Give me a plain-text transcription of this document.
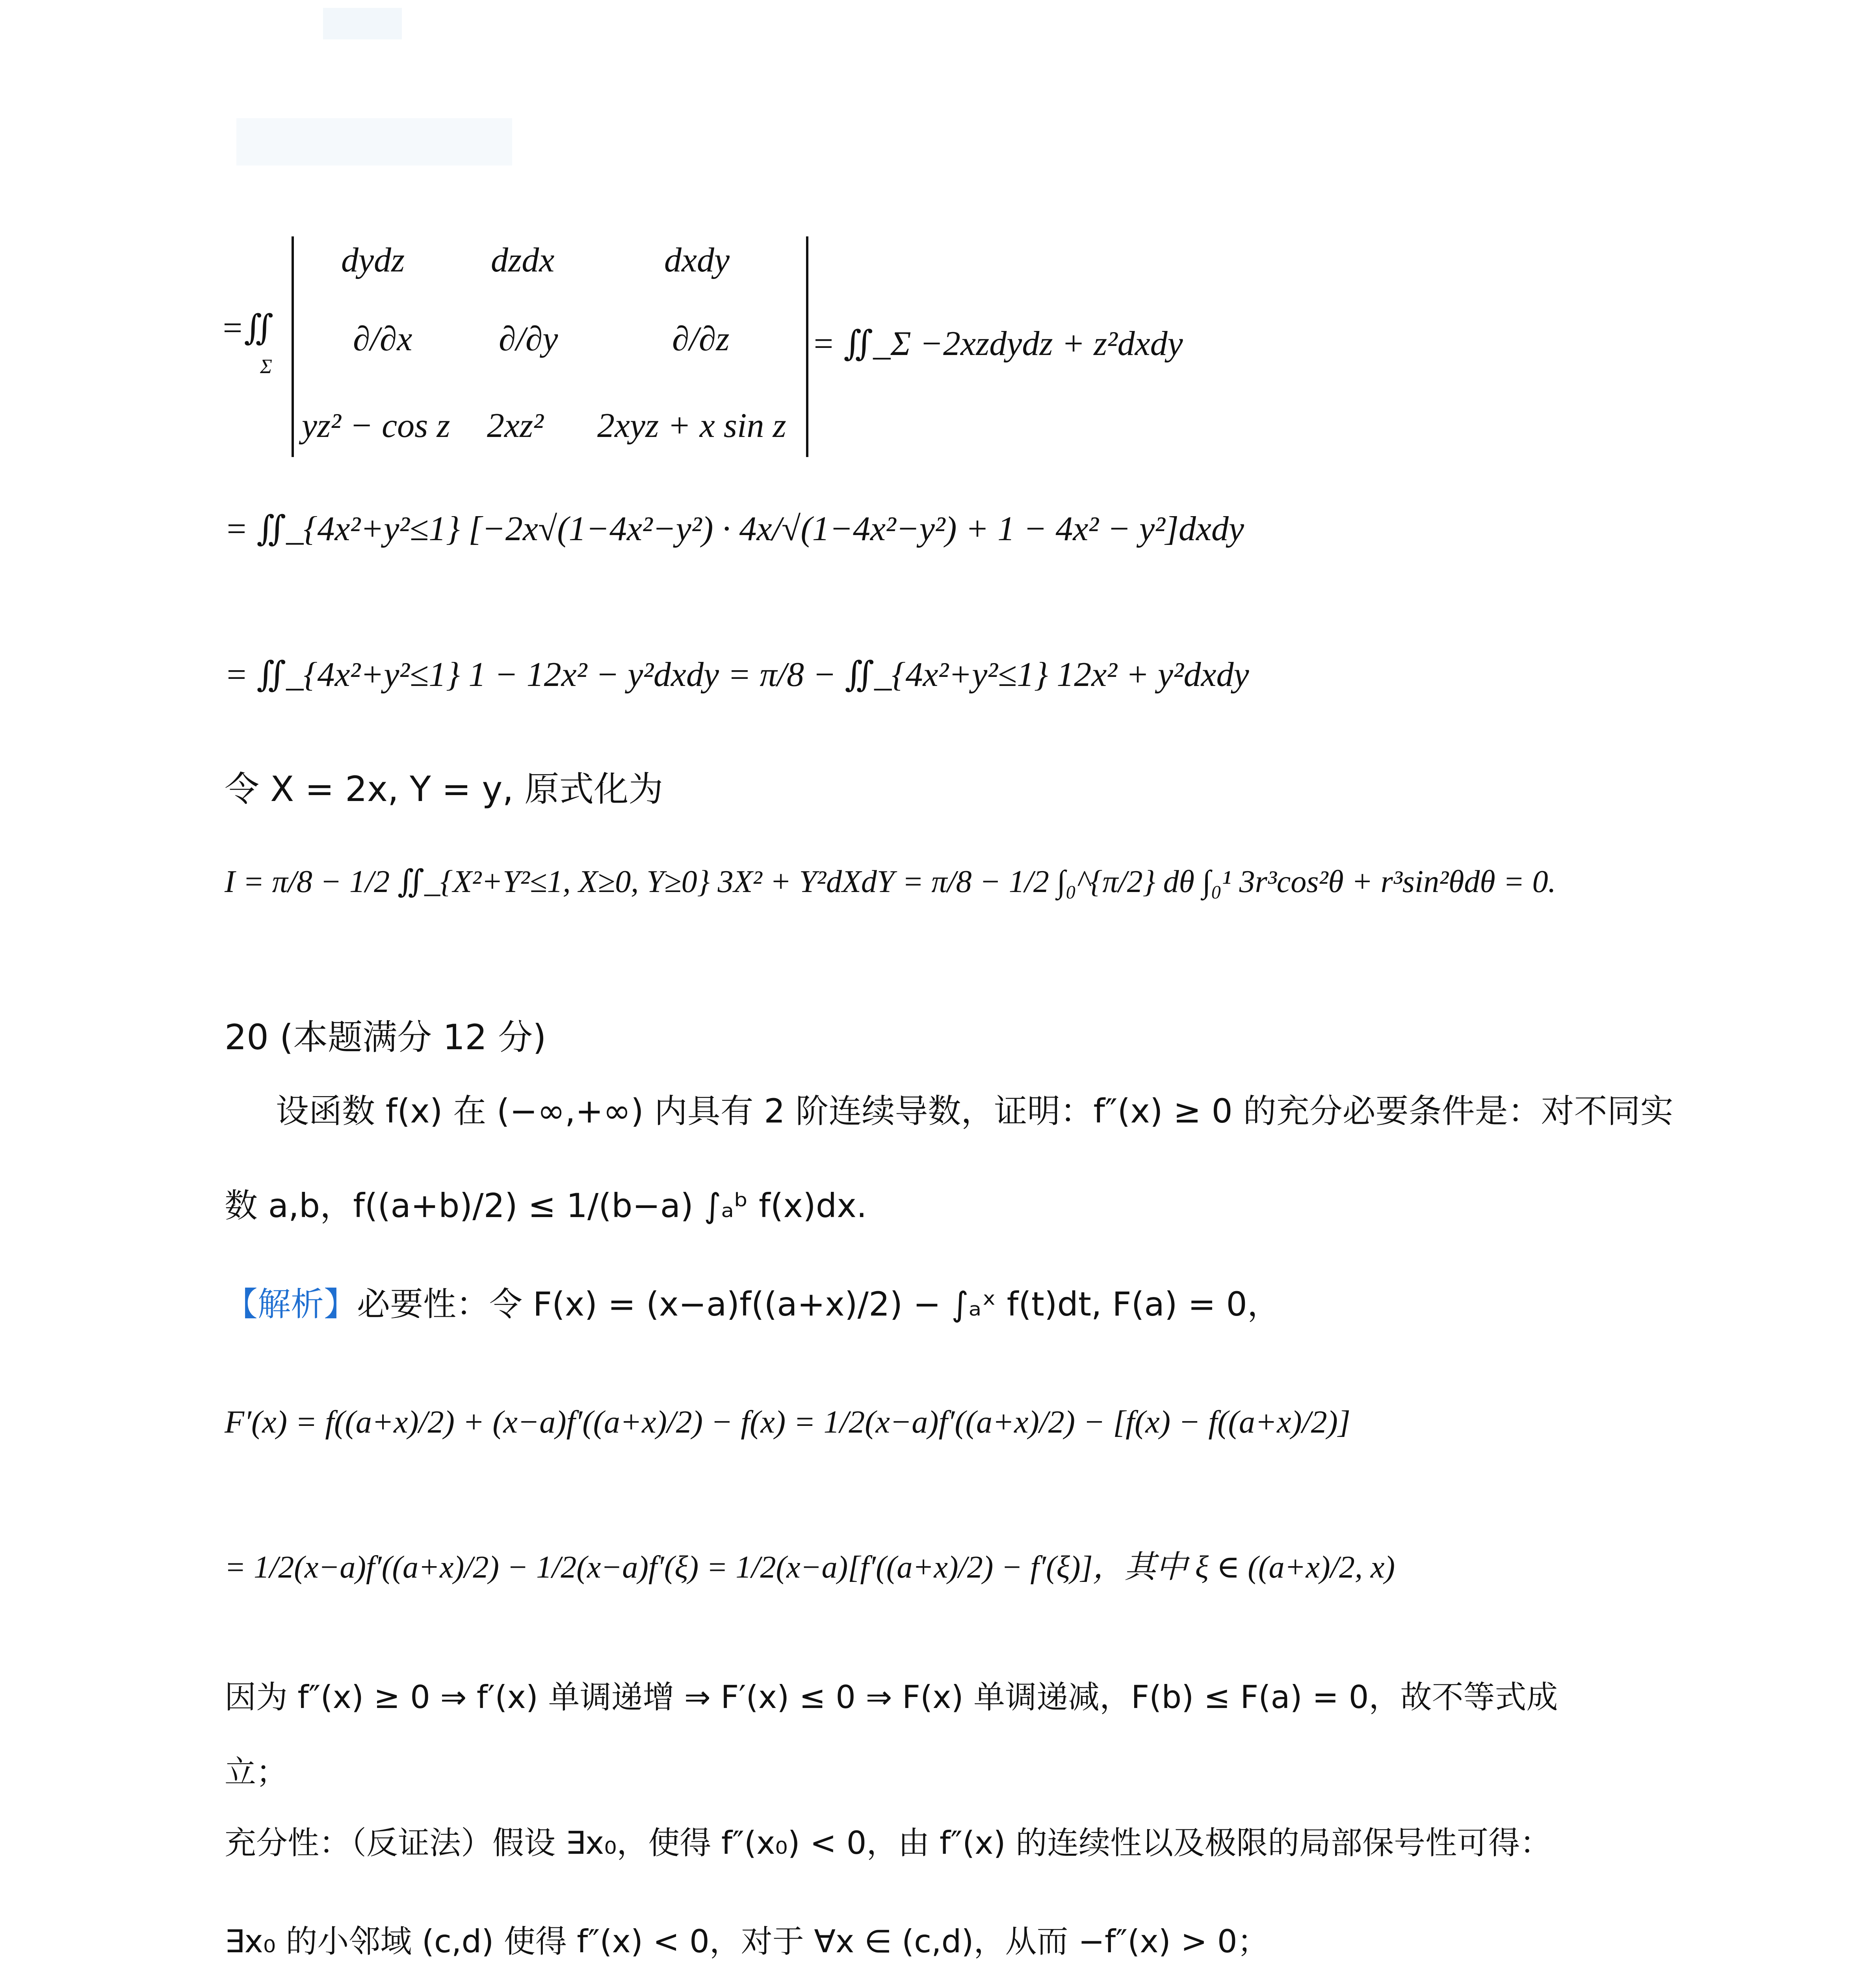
=∬
Σ
dydz dzdx	dxdy
∂/∂x ∂/∂y	∂/∂z
yz² − cos z 2xz² 2xyz + x sin z
= ∬_Σ −2xzdydz + z²dxdy
= ∬_{4x²+y²≤1} [−2x√(1−4x²−y²) · 4x/√(1−4x²−y²) + 1 − 4x² − y²]dxdy
= ∬_{4x²+y²≤1} 1 − 12x² − y²dxdy = π/8 − ∬_{4x²+y²≤1} 12x² + y²dxdy
令 X = 2x, Y = y, 原式化为
I = π/8 − 1/2 ∬_{X²+Y²≤1, X≥0, Y≥0} 3X² + Y²dXdY = π/8 − 1/2 ∫₀^{π/2} dθ ∫₀¹ 3r³cos²θ + r³sin²θdθ = 0.
20 (本题满分 12 分)
设函数 f(x) 在 (−∞,+∞) 内具有 2 阶连续导数，证明：f″(x) ≥ 0 的充分必要条件是：对不同实
数 a,b，f((a+b)/2) ≤ 1/(b−a) ∫ₐᵇ f(x)dx.
【解析】必要性：令 F(x) = (x−a)f((a+x)/2) − ∫ₐˣ f(t)dt, F(a) = 0，
F′(x) = f((a+x)/2) + (x−a)f′((a+x)/2) − f(x) = 1/2(x−a)f′((a+x)/2) − [f(x) − f((a+x)/2)]
= 1/2(x−a)f′((a+x)/2) − 1/2(x−a)f′(ξ) = 1/2(x−a)[f′((a+x)/2) − f′(ξ)]，其中 ξ ∈ ((a+x)/2, x)
因为 f″(x) ≥ 0 ⇒ f′(x) 单调递增 ⇒ F′(x) ≤ 0 ⇒ F(x) 单调递减，F(b) ≤ F(a) = 0，故不等式成
立；
充分性：（反证法）假设 ∃x₀，使得 f″(x₀) < 0，由 f″(x) 的连续性以及极限的局部保号性可得：
∃x₀ 的小邻域 (c,d) 使得 f″(x) < 0，对于 ∀x ∈ (c,d)，从而 −f″(x) > 0；
